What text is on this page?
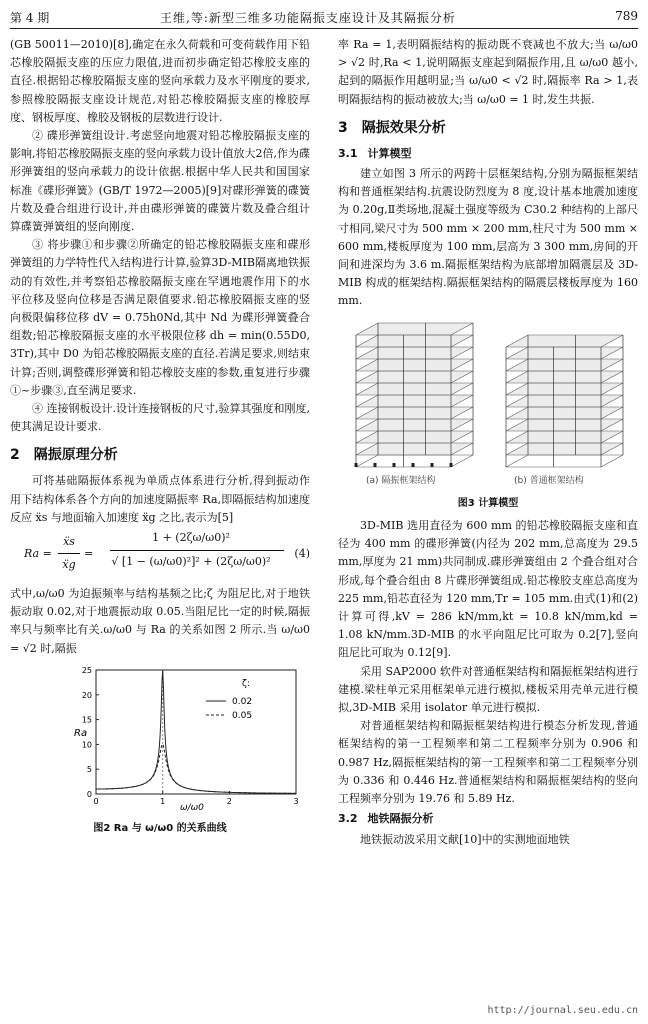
第 4 期	王维,等:新型三维多功能隔振支座设计及其隔振分析	789

(GB 50011—2010)[8],确定在永久荷载和可变荷载作用下铅芯橡胶隔振支座的压应力限值,进而初步确定铅芯橡胶支座的直径.根据铅芯橡胶隔振支座的竖向承载力及水平刚度的要求,参照橡胶隔振支座设计规范,对铅芯橡胶隔振支座的橡胶厚度、钢板厚度、橡胶及钢板的层数进行设计.

② 碟形弹簧组设计.考虑竖向地震对铅芯橡胶隔振支座的影响,将铅芯橡胶隔振支座的竖向承载力设计值放大2倍,作为碟形弹簧组的竖向承载力的设计依据.根据中华人民共和国国家标准《碟形弹簧》(GB/T 1972—2005)[9]对碟形弹簧的碟簧片数及叠合组进行设计,并由碟形弹簧的碟簧片数及叠合组计算碟簧弹簧组的竖向刚度.

③ 将步骤①和步骤②所确定的铅芯橡胶隔振支座和碟形弹簧组的力学特性代入结构进行计算,验算3D-MIB隔离地铁振动的有效性,并考察铅芯橡胶隔振支座在罕遇地震作用下的水平位移及竖向位移是否满足限值要求.铅芯橡胶隔振支座的竖向极限偏移位移 dV = 0.75h0Nd,其中 Nd 为碟形弹簧叠合组数;铅芯橡胶隔振支座的水平极限位移 dh = min(0.55D0, 3Tr),其中 D0 为铅芯橡胶隔振支座的直径.若满足要求,则结束计算;否则,调整碟形弹簧和铅芯橡胶支座的参数,重复进行步骤①~步骤③,直至满足要求.

④ 连接钢板设计.设计连接钢板的尺寸,验算其强度和刚度,使其满足设计要求.

2 隔振原理分析

可将基础隔振体系视为单质点体系进行分析,得到振动作用下结构体系各个方向的加速度隔振率 Ra,即隔振结构加速度反应 ẍs 与地面输入加速度 ẍg 之比,表示为[5]

Ra =
ẍs
ẍg
=
1 + (2ζω/ω0)²
√ [1 − (ω/ω0)²]² + (2ζω/ω0)²
(4)

式中,ω/ω0 为迫振频率与结构基频之比;ζ 为阻尼比,对于地铁振动取 0.02,对于地震振动取 0.05.当阻尼比一定的时候,隔振率只与频率比有关.ω/ω0 与 Ra 的关系如图 2 所示.当 ω/ω0 = √2 时,隔振

0
5
10
15
20
25
0	1	2	3
ζ:
0.02
0.05
Ra
ω/ω0
图2 Ra 与 ω/ω0 的关系曲线

率 Ra = 1,表明隔振结构的振动既不衰减也不放大;当 ω/ω0 > √2 时,Ra < 1,说明隔振支座起到隔振作用,且 ω/ω0 越小,起到的隔振作用越明显;当 ω/ω0 < √2 时,隔振率 Ra > 1,表明隔振结构的振动被放大;当 ω/ω0 = 1 时,发生共振.

3 隔振效果分析
3.1 计算模型

建立如图 3 所示的两跨十层框架结构,分别为隔振框架结构和普通框架结构.抗震设防烈度为 8 度,设计基本地震加速度为 0.20g,Ⅱ类场地,混凝土强度等级为 C30.2 种结构的上部尺寸相同,梁尺寸为 500 mm × 200 mm,柱尺寸为 500 mm × 600 mm,楼板厚度为 100 mm,层高为 3 300 mm,房间的开间和进深均为 3.6 m.隔振框架结构为底部增加隔震层及 3D-MIB 构成的框架结构.隔振框架结构的隔震层楼板厚度为 160 mm.

(a) 隔振框架结构	(b) 普通框架结构
图3 计算模型

3D-MIB 选用直径为 600 mm 的铅芯橡胶隔振支座和直径为 400 mm 的碟形弹簧(内径为 202 mm,总高度为 29.5 mm,厚度为 21 mm)共同制成.碟形弹簧组由 2 个叠合组对合形成,每个叠合组由 8 片碟形弹簧组成.铅芯橡胶支座总高度为 225 mm,铅芯直径为 120 mm,Tr = 105 mm.由式(1)和(2)计算可得,kV = 286 kN/mm,kt = 10.8 kN/mm,kd = 1.08 kN/mm.3D-MIB 的水平向阻尼比可取为 0.2[7],竖向阻尼比可取为 0.12[9].

采用 SAP2000 软件对普通框架结构和隔振框架结构进行建模.梁柱单元采用框架单元进行模拟,楼板采用壳单元进行模拟,3D-MIB 采用 isolator 单元进行模拟.

对普通框架结构和隔振框架结构进行模态分析发现,普通框架结构的第一工程频率和第二工程频率分别为 0.906 和 0.987 Hz,隔振框架结构的第一工程频率和第二工程频率分别为 0.336 和 0.446 Hz.普通框架结构和隔振框架结构的竖向工程频率分别为 19.76 和 5.89 Hz.

3.2 地铁隔振分析

地铁振动波采用文献[10]中的实测地面地铁

http://journal.seu.edu.cn
